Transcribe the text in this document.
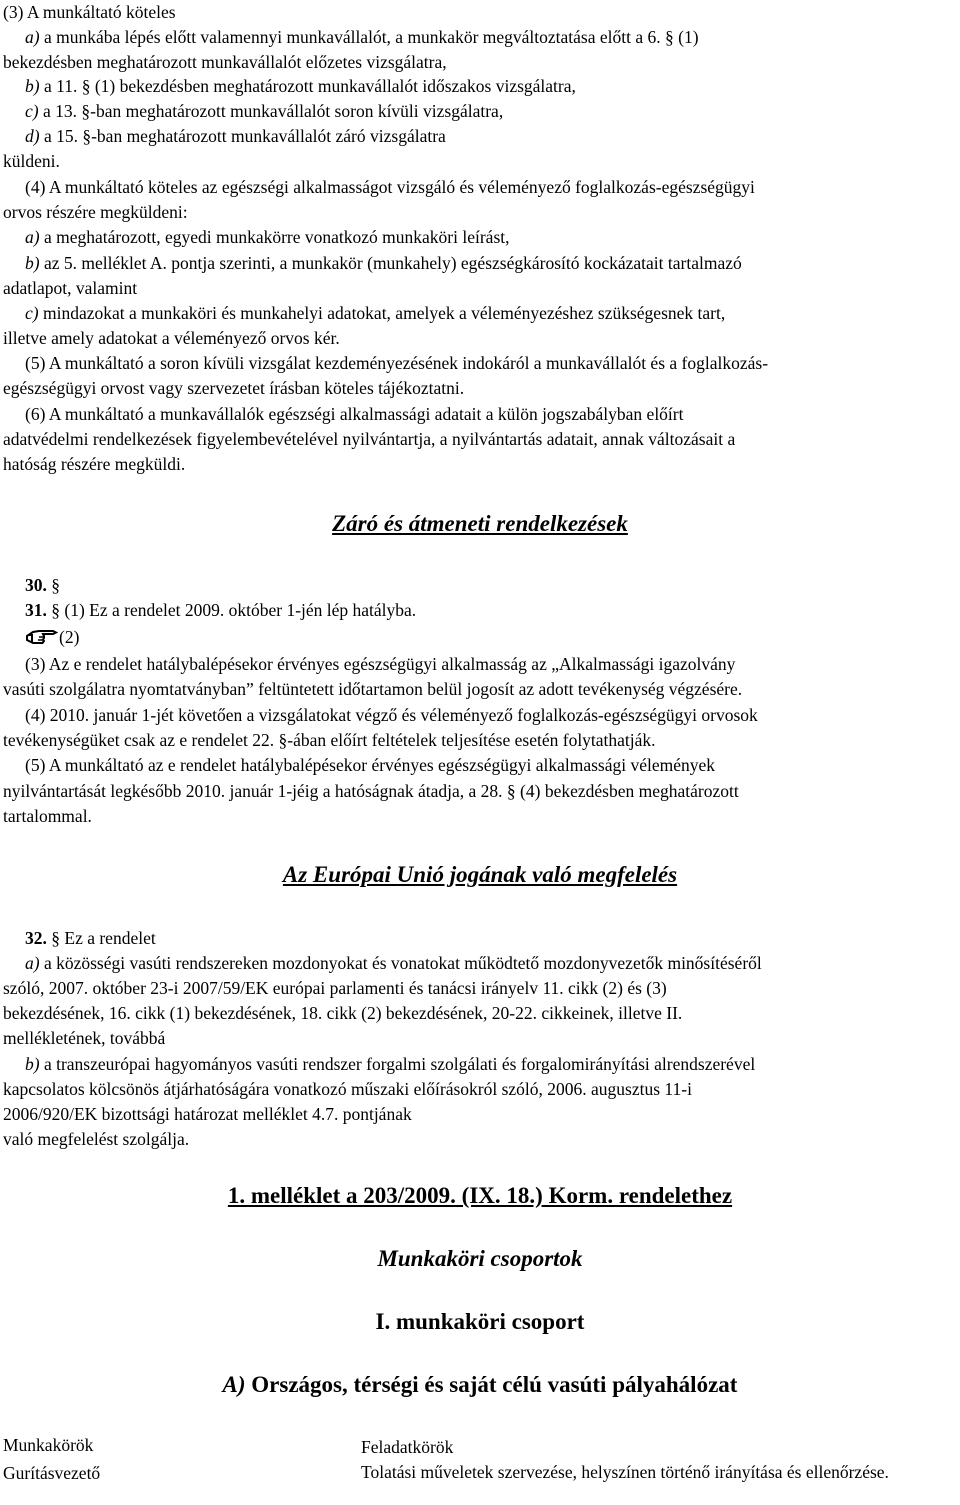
(3) A munkáltató köteles
a) a munkába lépés előtt valamennyi munkavállalót, a munkakör megváltoztatása előtt a 6. § (1)
bekezdésben meghatározott munkavállalót előzetes vizsgálatra,
b) a 11. § (1) bekezdésben meghatározott munkavállalót időszakos vizsgálatra,
c) a 13. §-ban meghatározott munkavállalót soron kívüli vizsgálatra,
d) a 15. §-ban meghatározott munkavállalót záró vizsgálatra
küldeni.
(4) A munkáltató köteles az egészségi alkalmasságot vizsgáló és véleményező foglalkozás-egészségügyi
orvos részére megküldeni:
a) a meghatározott, egyedi munkakörre vonatkozó munkaköri leírást,
b) az 5. melléklet A. pontja szerinti, a munkakör (munkahely) egészségkárosító kockázatait tartalmazó
adatlapot, valamint
c) mindazokat a munkaköri és munkahelyi adatokat, amelyek a véleményezéshez szükségesnek tart,
illetve amely adatokat a véleményező orvos kér.
(5) A munkáltató a soron kívüli vizsgálat kezdeményezésének indokáról a munkavállalót és a foglalkozás-
egészségügyi orvost vagy szervezetet írásban köteles tájékoztatni.
(6) A munkáltató a munkavállalók egészségi alkalmassági adatait a külön jogszabályban előírt
adatvédelmi rendelkezések figyelembevételével nyilvántartja, a nyilvántartás adatait, annak változásait a
hatóság részére megküldi.
Záró és átmeneti rendelkezések
30. §
31. § (1) Ez a rendelet 2009. október 1-jén lép hatályba.
(2)
(3) Az e rendelet hatálybalépésekor érvényes egészségügyi alkalmasság az „Alkalmassági igazolvány
vasúti szolgálatra nyomtatványban” feltüntetett időtartamon belül jogosít az adott tevékenység végzésére.
(4) 2010. január 1-jét követően a vizsgálatokat végző és véleményező foglalkozás-egészségügyi orvosok
tevékenységüket csak az e rendelet 22. §-ában előírt feltételek teljesítése esetén folytathatják.
(5) A munkáltató az e rendelet hatálybalépésekor érvényes egészségügyi alkalmassági vélemények
nyilvántartását legkésőbb 2010. január 1-jéig a hatóságnak átadja, a 28. § (4) bekezdésben meghatározott
tartalommal.
Az Európai Unió jogának való megfelelés
32. § Ez a rendelet
a) a közösségi vasúti rendszereken mozdonyokat és vonatokat működtető mozdonyvezetők minősítéséről
szóló, 2007. október 23-i 2007/59/EK európai parlamenti és tanácsi irányelv 11. cikk (2) és (3)
bekezdésének, 16. cikk (1) bekezdésének, 18. cikk (2) bekezdésének, 20-22. cikkeinek, illetve II.
mellékletének, továbbá
b) a transzeurópai hagyományos vasúti rendszer forgalmi szolgálati és forgalomirányítási alrendszerével
kapcsolatos kölcsönös átjárhatóságára vonatkozó műszaki előírásokról szóló, 2006. augusztus 11-i
2006/920/EK bizottsági határozat melléklet 4.7. pontjának
való megfelelést szolgálja.
1. melléklet a 203/2009. (IX. 18.) Korm. rendelethez
Munkaköri csoportok
I. munkaköri csoport
A) Országos, térségi és saját célú vasúti pályahálózat
Munkakörök	Feladatkörök
Gurításvezető	Tolatási műveletek szervezése, helyszínen történő irányítása és ellenőrzése.
